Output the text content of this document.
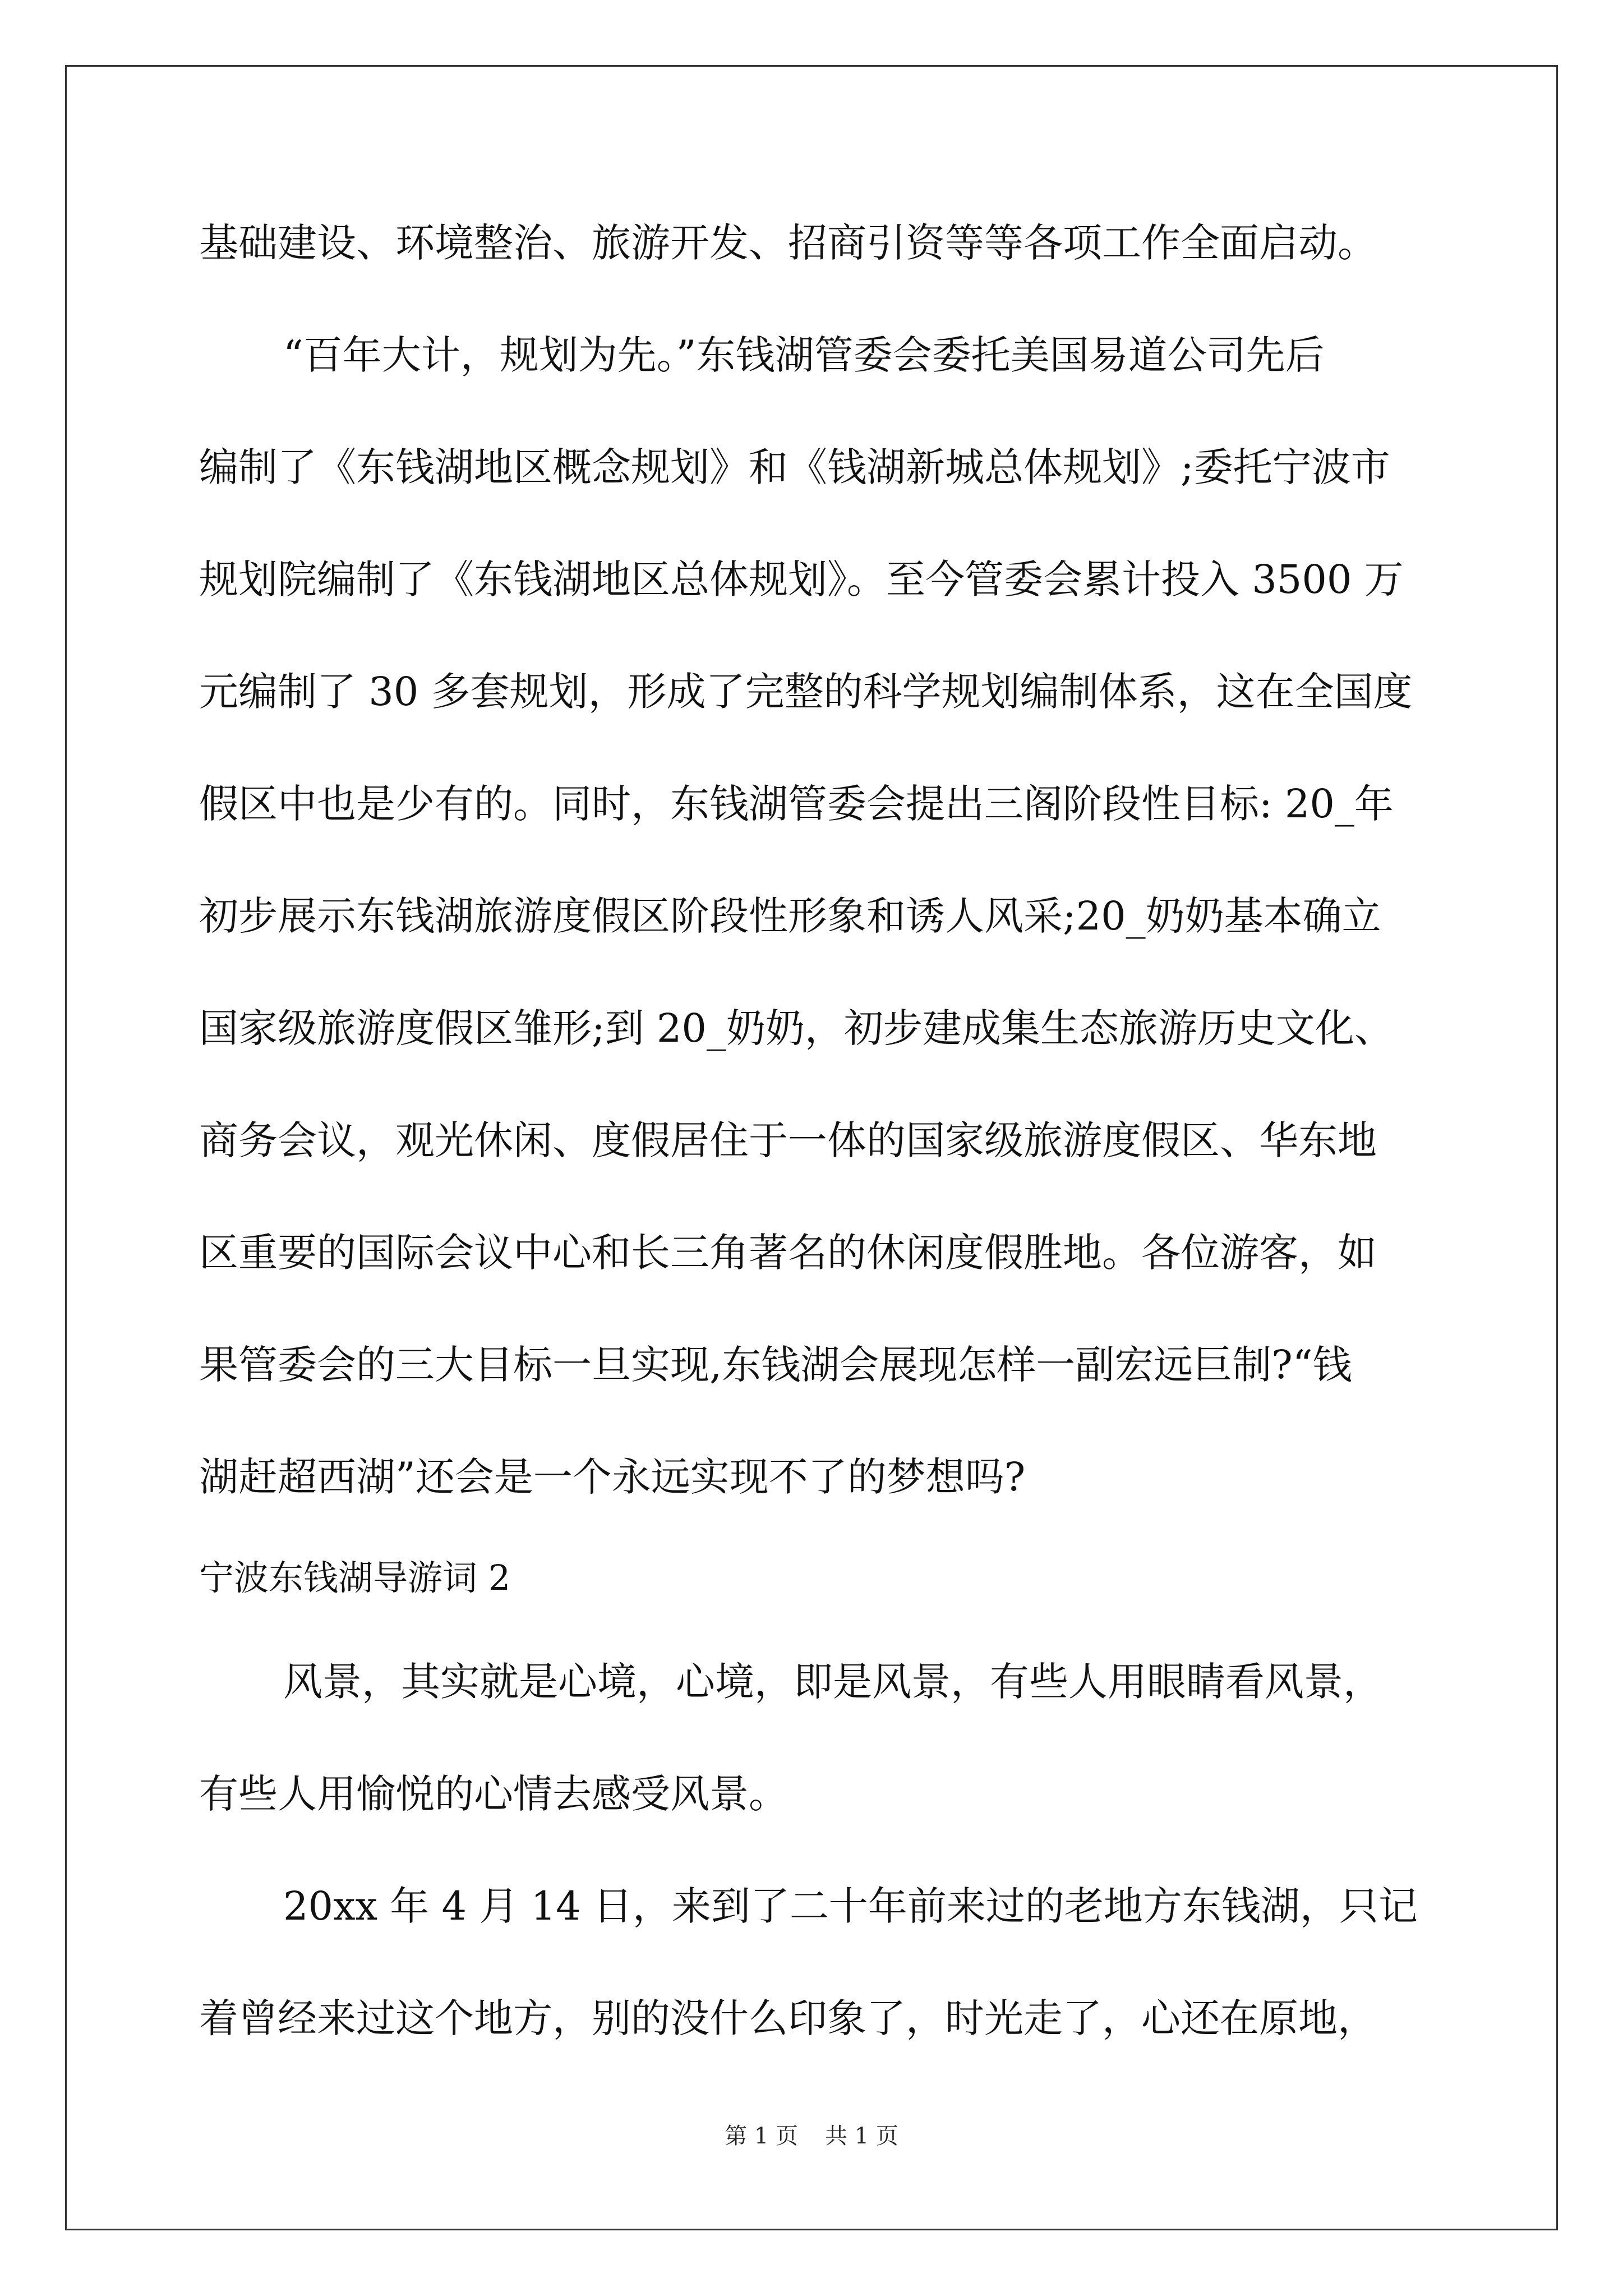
基础建设、环境整治、旅游开发、招商引资等等各项工作全面启动。
“百年大计，规划为先。”东钱湖管委会委托美国易道公司先后
编制了《东钱湖地区概念规划》和《钱湖新城总体规划》;委托宁波市
规划院编制了《东钱湖地区总体规划》。至今管委会累计投入 3500 万
元编制了 30 多套规划，形成了完整的科学规划编制体系，这在全国度
假区中也是少有的。同时，东钱湖管委会提出三阁阶段性目标: 20_年
初步展示东钱湖旅游度假区阶段性形象和诱人风采;20_奶奶基本确立
国家级旅游度假区雏形;到 20_奶奶，初步建成集生态旅游历史文化、
商务会议，观光休闲、度假居住于一体的国家级旅游度假区、华东地
区重要的国际会议中心和长三角著名的休闲度假胜地。各位游客，如
果管委会的三大目标一旦实现,东钱湖会展现怎样一副宏远巨制?“钱
湖赶超西湖”还会是一个永远实现不了的梦想吗?
宁波东钱湖导游词 2
风景，其实就是心境，心境，即是风景，有些人用眼睛看风景，
有些人用愉悦的心情去感受风景。
20xx 年 4 月 14 日，来到了二十年前来过的老地方东钱湖，只记
着曾经来过这个地方，别的没什么印象了，时光走了，心还在原地，
第 1 页 共 1 页
